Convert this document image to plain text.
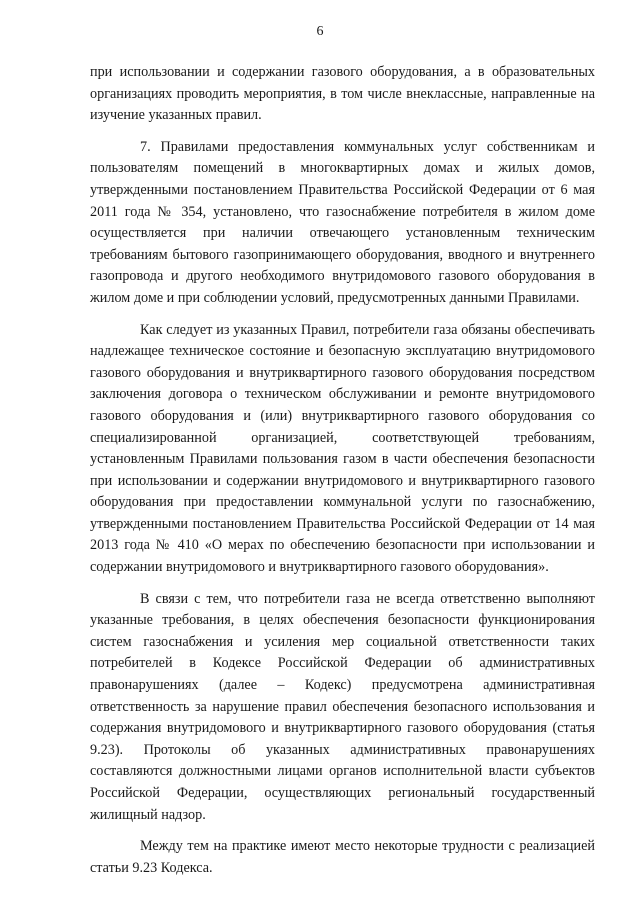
6

при использовании и содержании газового оборудования, а в образовательных организациях проводить мероприятия, в том числе внеклассные, направленные на изучение указанных правил.

7. Правилами предоставления коммунальных услуг собственникам и пользователям помещений в многоквартирных домах и жилых домов, утвержденными постановлением Правительства Российской Федерации от 6 мая 2011 года № 354, установлено, что газоснабжение потребителя в жилом доме осуществляется при наличии отвечающего установленным техническим требованиям бытового газопринимающего оборудования, вводного и внутреннего газопровода и другого необходимого внутридомового газового оборудования в жилом доме и при соблюдении условий, предусмотренных данными Правилами.

Как следует из указанных Правил, потребители газа обязаны обеспечивать надлежащее техническое состояние и безопасную эксплуатацию внутридомового газового оборудования и внутриквартирного газового оборудования посредством заключения договора о техническом обслуживании и ремонте внутридомового газового оборудования и (или) внутриквартирного газового оборудования со специализированной организацией, соответствующей требованиям, установленным Правилами пользования газом в части обеспечения безопасности при использовании и содержании внутридомового и внутриквартирного газового оборудования при предоставлении коммунальной услуги по газоснабжению, утвержденными постановлением Правительства Российской Федерации от 14 мая 2013 года № 410 «О мерах по обеспечению безопасности при использовании и содержании внутридомового и внутриквартирного газового оборудования».

В связи с тем, что потребители газа не всегда ответственно выполняют указанные требования, в целях обеспечения безопасности функционирования систем газоснабжения и усиления мер социальной ответственности таких потребителей в Кодексе Российской Федерации об административных правонарушениях (далее – Кодекс) предусмотрена административная ответственность за нарушение правил обеспечения безопасного использования и содержания внутридомового и внутриквартирного газового оборудования (статья 9.23). Протоколы об указанных административных правонарушениях составляются должностными лицами органов исполнительной власти субъектов Российской Федерации, осуществляющих региональный государственный жилищный надзор.

Между тем на практике имеют место некоторые трудности с реализацией статьи 9.23 Кодекса.
